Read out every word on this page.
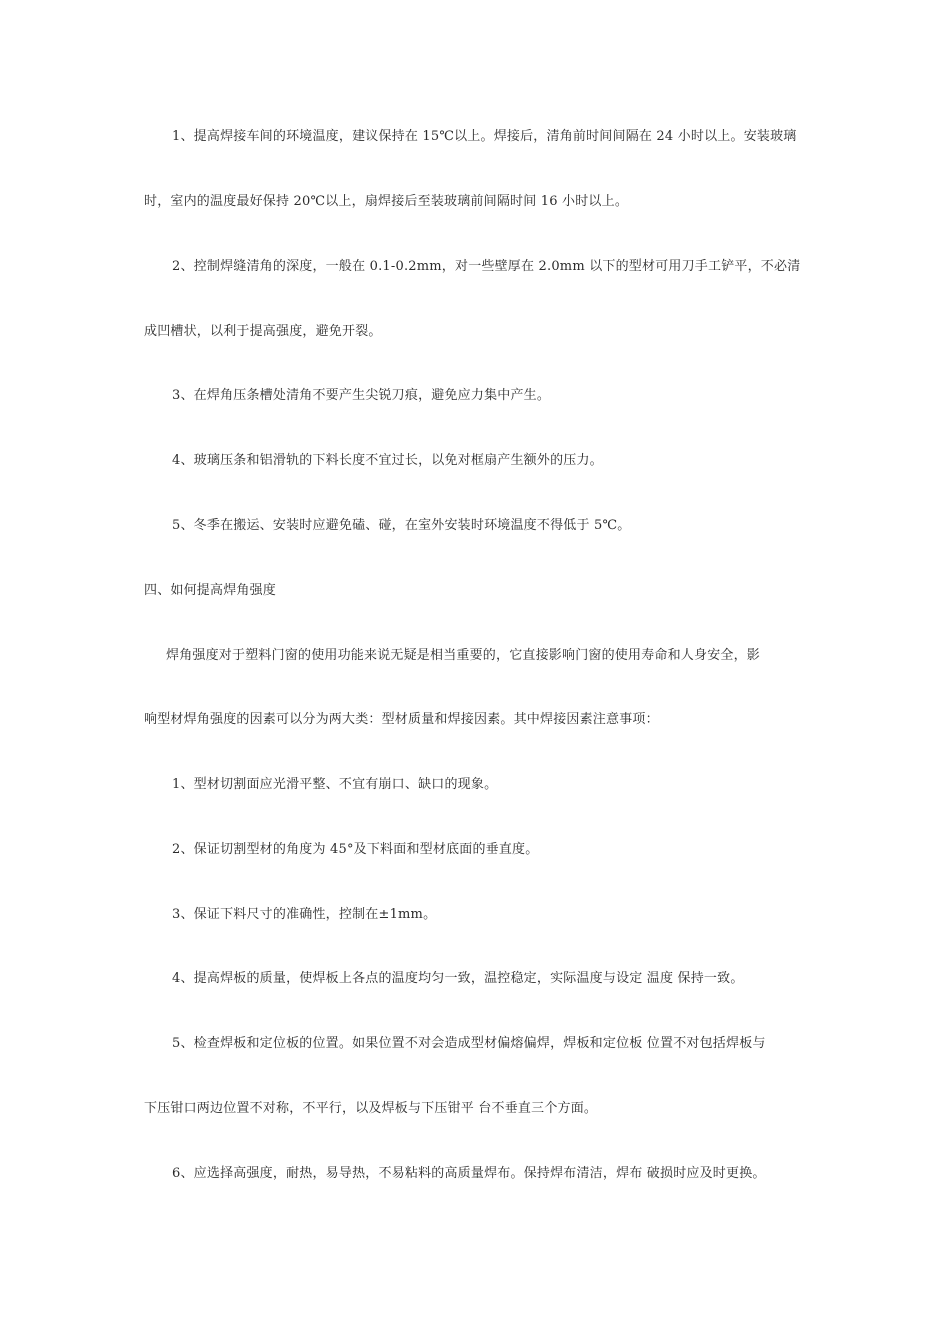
1、提高焊接车间的环境温度，建议保持在 15℃以上。焊接后，清角前时间间隔在 24 小时以上。安装玻璃
时，室内的温度最好保持 20℃以上，扇焊接后至装玻璃前间隔时间 16 小时以上。
2、控制焊缝清角的深度，一般在 0.1-0.2mm，对一些壁厚在 2.0mm 以下的型材可用刀手工铲平，不必清
成凹槽状，以利于提高强度，避免开裂。
3、在焊角压条槽处清角不要产生尖锐刀痕，避免应力集中产生。
4、玻璃压条和铝滑轨的下料长度不宜过长，以免对框扇产生额外的压力。
5、冬季在搬运、安装时应避免磕、碰，在室外安装时环境温度不得低于 5℃。
四、如何提高焊角强度
焊角强度对于塑料门窗的使用功能来说无疑是相当重要的，它直接影响门窗的使用寿命和人身安全，影
响型材焊角强度的因素可以分为两大类：型材质量和焊接因素。其中焊接因素注意事项：
1、型材切割面应光滑平整、不宜有崩口、缺口的现象。
2、保证切割型材的角度为 45°及下料面和型材底面的垂直度。
3、保证下料尺寸的准确性，控制在±1mm。
4、提高焊板的质量，使焊板上各点的温度均匀一致，温控稳定，实际温度与设定 温度 保持一致。
5、检查焊板和定位板的位置。如果位置不对会造成型材偏熔偏焊，焊板和定位板 位置不对包括焊板与
下压钳口两边位置不对称，不平行，以及焊板与下压钳平 台不垂直三个方面。
6、应选择高强度，耐热，易导热，不易粘料的高质量焊布。保持焊布清洁，焊布 破损时应及时更换。
